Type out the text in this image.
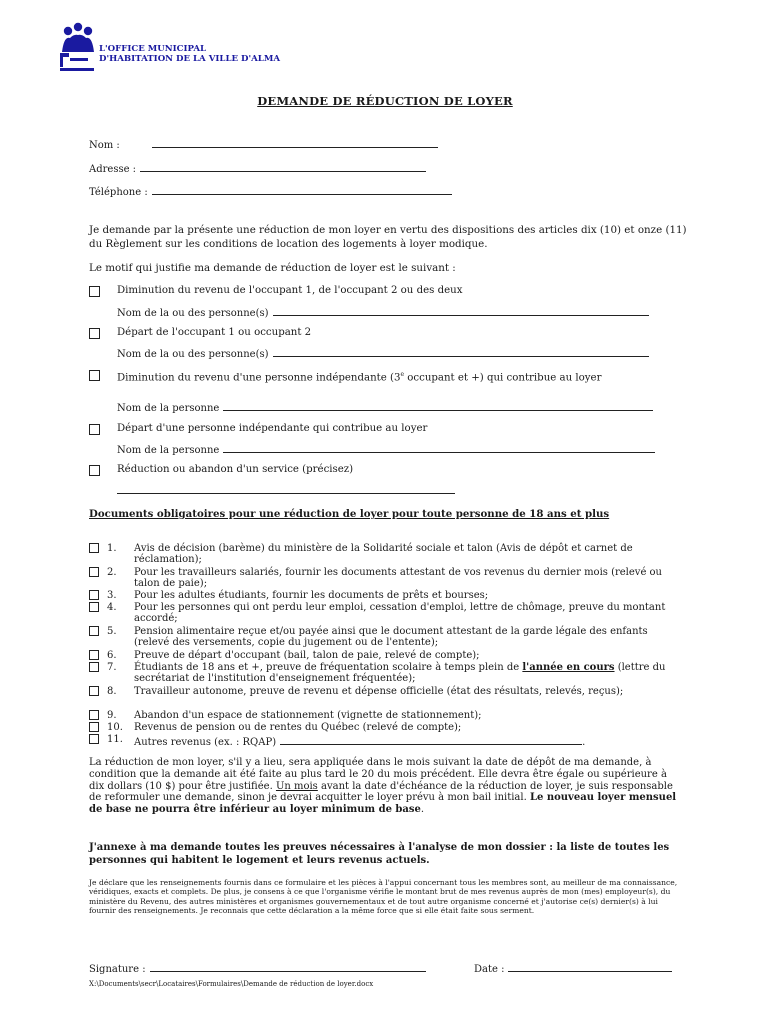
L'OFFICE MUNICIPAL
D'HABITATION DE LA VILLE D'ALMA
DEMANDE DE RÉDUCTION DE LOYER
Nom :
Adresse :
Téléphone :
Je demande par la présente une réduction de mon loyer en vertu des dispositions des articles dix (10) et onze (11) du Règlement sur les conditions de location des logements à loyer modique.
Le motif qui justifie ma demande de réduction de loyer est le suivant :
Diminution du revenu de l'occupant 1, de l'occupant 2 ou des deux
Nom de la ou des personne(s)
Départ de l'occupant 1 ou occupant 2
Nom de la ou des personne(s)
Diminution du revenu d'une personne indépendante (3e occupant et +) qui contribue au loyer
Nom de la personne
Départ d'une personne indépendante qui contribue au loyer
Nom de la personne
Réduction ou abandon d'un service (précisez)
Documents obligatoires pour une réduction de loyer pour toute personne de 18 ans et plus
1. Avis de décision (barème) du ministère de la Solidarité sociale et talon (Avis de dépôt et carnet de réclamation);
2. Pour les travailleurs salariés, fournir les documents attestant de vos revenus du dernier mois (relevé ou talon de paie);
3. Pour les adultes étudiants, fournir les documents de prêts et bourses;
4. Pour les personnes qui ont perdu leur emploi, cessation d'emploi, lettre de chômage, preuve du montant accordé;
5. Pension alimentaire reçue et/ou payée ainsi que le document attestant de la garde légale des enfants (relevé des versements, copie du jugement ou de l'entente);
6. Preuve de départ d'occupant (bail, talon de paie, relevé de compte);
7. Étudiants de 18 ans et +, preuve de fréquentation scolaire à temps plein de l'année en cours (lettre du secrétariat de l'institution d'enseignement fréquentée);
8. Travailleur autonome, preuve de revenu et dépense officielle (état des résultats, relevés, reçus);
9. Abandon d'un espace de stationnement (vignette de stationnement);
10. Revenus de pension ou de rentes du Québec (relevé de compte);
11. Autres revenus (ex. : RQAP)	.
La réduction de mon loyer, s'il y a lieu, sera appliquée dans le mois suivant la date de dépôt de ma demande, à condition que la demande ait été faite au plus tard le 20 du mois précédent. Elle devra être égale ou supérieure à dix dollars (10 $) pour être justifiée. Un mois avant la date d'échéance de la réduction de loyer, je suis responsable de reformuler une demande, sinon je devrai acquitter le loyer prévu à mon bail initial. Le nouveau loyer mensuel de base ne pourra être inférieur au loyer minimum de base.
J'annexe à ma demande toutes les preuves nécessaires à l'analyse de mon dossier : la liste de toutes les personnes qui habitent le logement et leurs revenus actuels.
Je déclare que les renseignements fournis dans ce formulaire et les pièces à l'appui concernant tous les membres sont, au meilleur de ma connaissance, véridiques, exacts et complets. De plus, je consens à ce que l'organisme vérifie le montant brut de mes revenus auprès de mon (mes) employeur(s), du ministère du Revenu, des autres ministères et organismes gouvernementaux et de tout autre organisme concerné et j'autorise ce(s) dernier(s) à lui fournir des renseignements. Je reconnais que cette déclaration a la même force que si elle était faite sous serment.
Signature :	Date :
X:\Documents\secr\Locataires\Formulaires\Demande de réduction de loyer.docx
